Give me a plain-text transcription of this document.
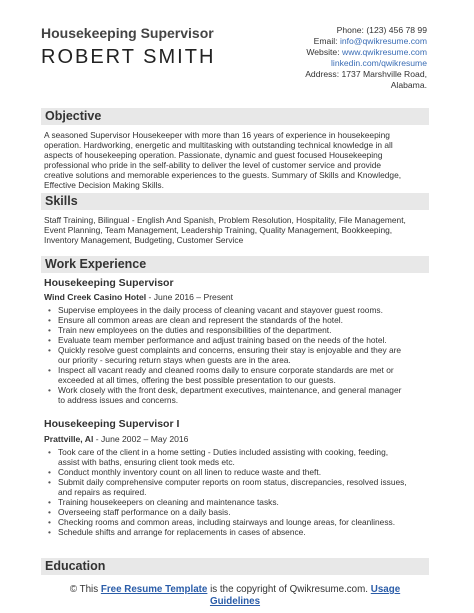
Housekeeping Supervisor
ROBERT SMITH
Phone: (123) 456 78 99
Email: info@qwikresume.com
Website: www.qwikresume.com
linkedin.com/qwikresume
Address: 1737 Marshville Road,
Alabama.
Objective
A seasoned Supervisor Housekeeper with more than 16 years of experience in housekeeping
operation. Hardworking, energetic and multitasking with outstanding technical knowledge in all
aspects of housekeeping operation. Passionate, dynamic and guest focused Housekeeping
professional who pride in the self-ability to deliver the level of customer service and provide
creative solutions and memorable experiences to the guests. Summary of Skills and Knowledge,
Effective Decision Making Skills.
Skills
Staff Training, Bilingual - English And Spanish, Problem Resolution, Hospitality, File Management,
Event Planning, Team Management, Leadership Training, Quality Management, Bookkeeping,
Inventory Management, Budgeting, Customer Service
Work Experience
Housekeeping Supervisor
Wind Creek Casino Hotel - June 2016 – Present
• Supervise employees in the daily process of cleaning vacant and stayover guest rooms.
• Ensure all common areas are clean and represent the standards of the hotel.
• Train new employees on the duties and responsibilities of the department.
• Evaluate team member performance and adjust training based on the needs of the hotel.
• Quickly resolve guest complaints and concerns, ensuring their stay is enjoyable and they are
our priority - securing return stays when guests are in the area.
• Inspect all vacant ready and cleaned rooms daily to ensure corporate standards are met or
exceeded at all times, offering the best possible presentation to our guests.
• Work closely with the front desk, department executives, maintenance, and general manager
to address issues and concerns.
Housekeeping Supervisor I
Prattville, Al - June 2002 – May 2016
• Took care of the client in a home setting - Duties included assisting with cooking, feeding,
assist with baths, ensuring client took meds etc.
• Conduct monthly inventory count on all linen to reduce waste and theft.
• Submit daily comprehensive computer reports on room status, discrepancies, resolved issues,
and repairs as required.
• Training housekeepers on cleaning and maintenance tasks.
• Overseeing staff performance on a daily basis.
• Checking rooms and common areas, including stairways and lounge areas, for cleanliness.
• Schedule shifts and arrange for replacements in cases of absence.
Education
© This Free Resume Template is the copyright of Qwikresume.com. Usage
Guidelines
